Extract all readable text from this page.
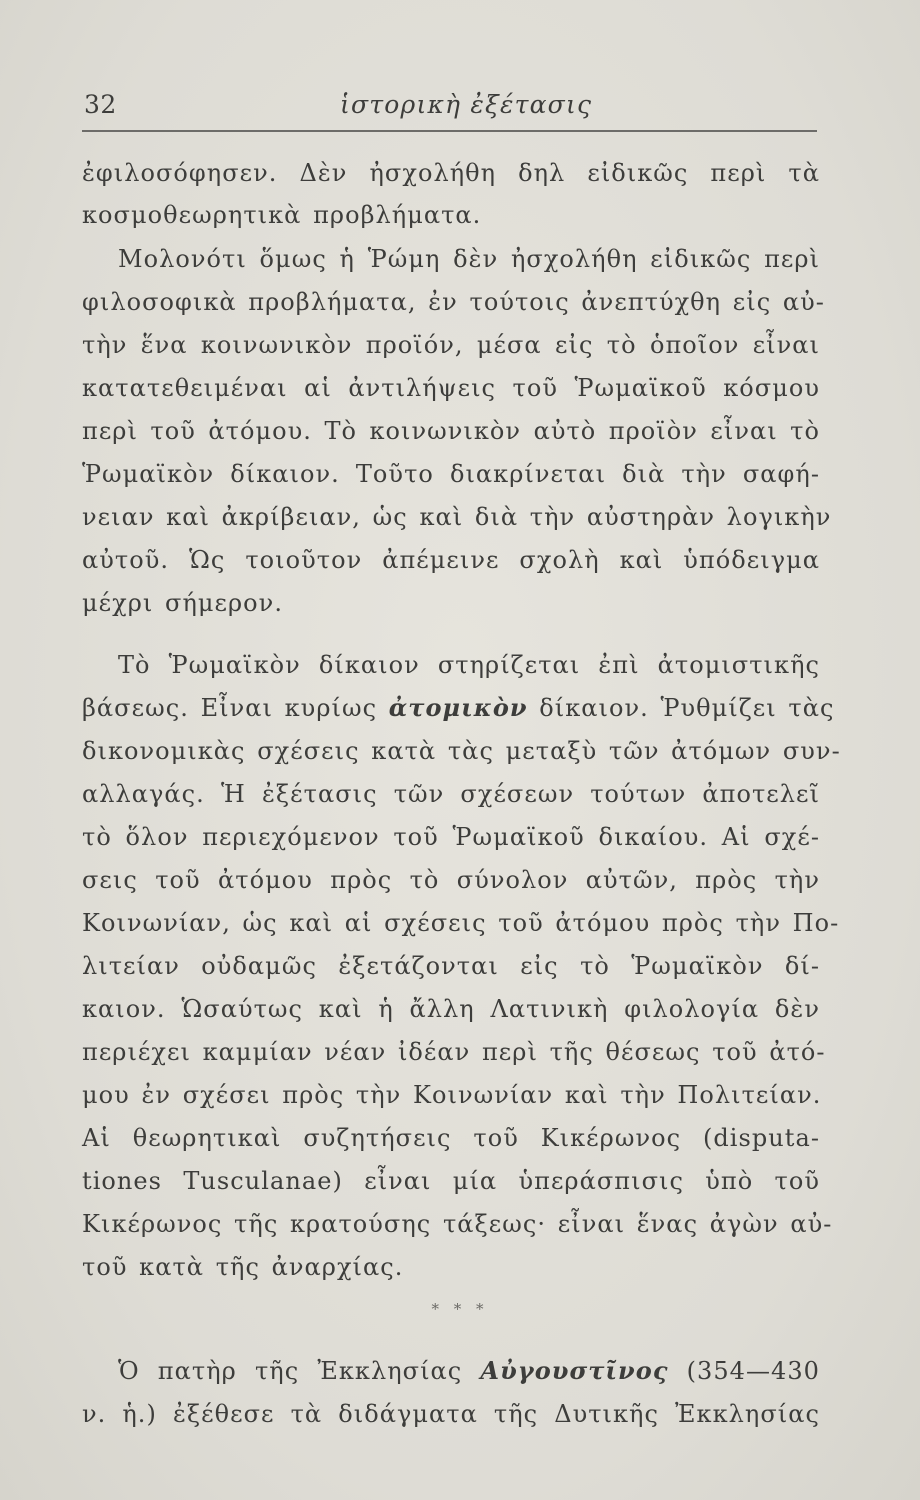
32	ἱστορικὴ ἐξέτασις
ἐφιλοσόφησεν. Δὲν ἠσχολήθη δηλ εἰδικῶς περὶ τὰ
κοσμοθεωρητικὰ προβλήματα.
Μολονότι ὅμως ἡ Ῥώμη δὲν ἠσχολήθη εἰδικῶς περὶ
φιλοσοφικὰ προβλήματα, ἐν τούτοις ἀνεπτύχθη εἰς αὐ-
τὴν ἕνα κοινωνικὸν προϊόν, μέσα εἰς τὸ ὁποῖον εἶναι
κατατεθειμέναι αἱ ἀντιλήψεις τοῦ Ῥωμαϊκοῦ κόσμου
περὶ τοῦ ἀτόμου. Τὸ κοινωνικὸν αὐτὸ προϊὸν εἶναι τὸ
Ῥωμαϊκὸν δίκαιον. Τοῦτο διακρίνεται διὰ τὴν σαφή-
νειαν καὶ ἀκρίβειαν, ὡς καὶ διὰ τὴν αὐστηρὰν λογικὴν
αὐτοῦ. Ὡς τοιοῦτον ἀπέμεινε σχολὴ καὶ ὑπόδειγμα
μέχρι σήμερον.
Τὸ Ῥωμαϊκὸν δίκαιον στηρίζεται ἐπὶ ἀτομιστικῆς
βάσεως. Εἶναι κυρίως ἀτομικὸν δίκαιον. Ῥυθμίζει τὰς
δικονομικὰς σχέσεις κατὰ τὰς μεταξὺ τῶν ἀτόμων συν-
αλλαγάς. Ἡ ἐξέτασις τῶν σχέσεων τούτων ἀποτελεῖ
τὸ ὅλον περιεχόμενον τοῦ Ῥωμαϊκοῦ δικαίου. Αἱ σχέ-
σεις τοῦ ἀτόμου πρὸς τὸ σύνολον αὐτῶν, πρὸς τὴν
Κοινωνίαν, ὡς καὶ αἱ σχέσεις τοῦ ἀτόμου πρὸς τὴν Πο-
λιτείαν οὐδαμῶς ἐξετάζονται εἰς τὸ Ῥωμαϊκὸν δί-
καιον. Ὡσαύτως καὶ ἡ ἄλλη Λατινικὴ φιλολογία δὲν
περιέχει καμμίαν νέαν ἰδέαν περὶ τῆς θέσεως τοῦ ἀτό-
μου ἐν σχέσει πρὸς τὴν Κοινωνίαν καὶ τὴν Πολιτείαν.
Αἱ θεωρητικαὶ συζητήσεις τοῦ Κικέρωνος (disputa-
tiones Tusculanae) εἶναι μία ὑπεράσπισις ὑπὸ τοῦ
Κικέρωνος τῆς κρατούσης τάξεως· εἶναι ἕνας ἀγὼν αὐ-
τοῦ κατὰ τῆς ἀναρχίας.
* * *
Ὁ πατὴρ τῆς Ἐκκλησίας Αὐγουστῖνος (354—430
ν. ἡ.) ἐξέθεσε τὰ διδάγματα τῆς Δυτικῆς Ἐκκλησίας
